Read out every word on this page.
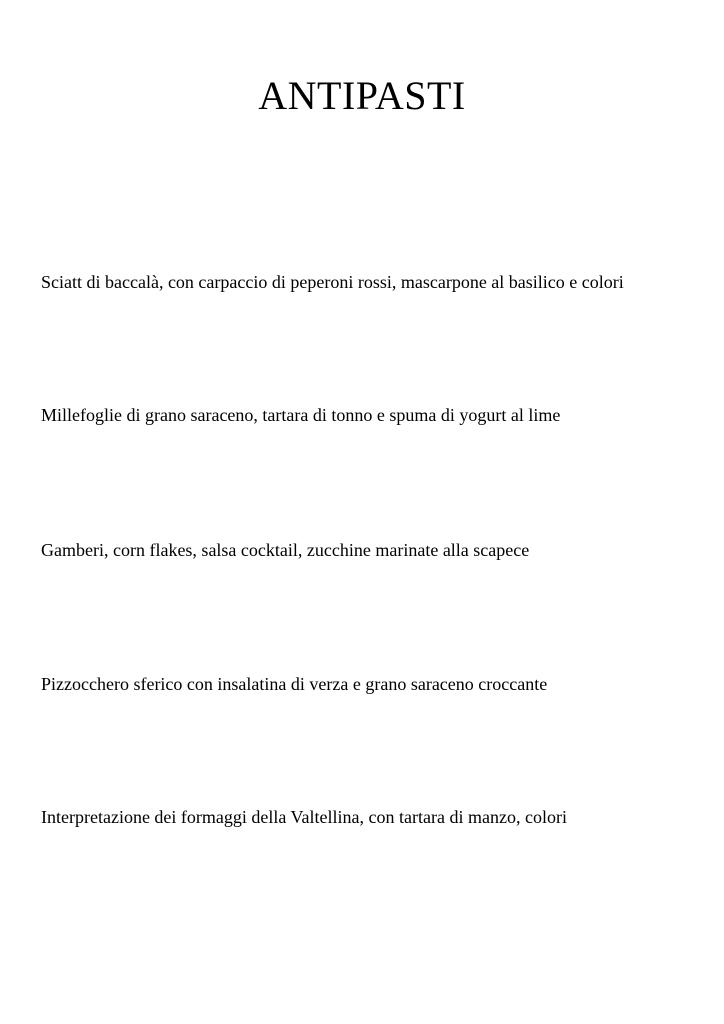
ANTIPASTI

Sciatt di baccalà, con carpaccio di peperoni rossi, mascarpone al basilico e colori

Millefoglie di grano saraceno, tartara di tonno e spuma di yogurt al lime

Gamberi, corn flakes, salsa cocktail, zucchine marinate alla scapece

Pizzocchero sferico con insalatina di verza e grano saraceno croccante

Interpretazione dei formaggi della Valtellina, con tartara di manzo, colori
